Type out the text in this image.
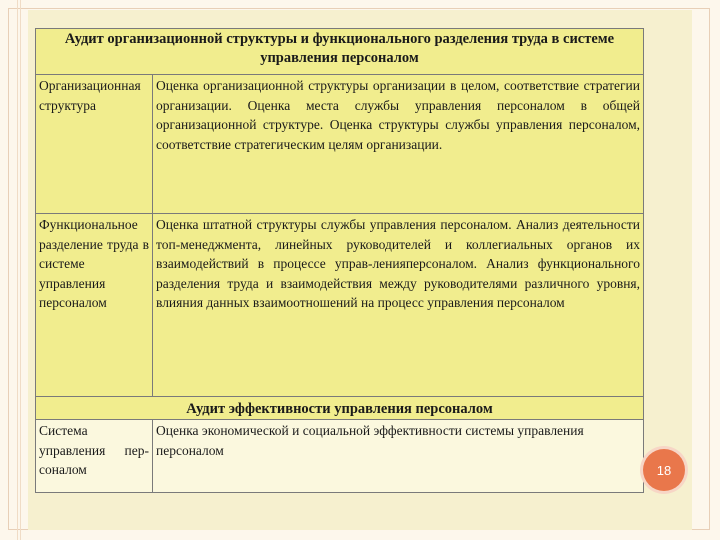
Аудит организационной структуры и функционального разделения труда в системе управления персоналом	
Организационная структура	Оценка организационной структуры организации в целом, соответствие стратегии организации. Оценка места службы управления персоналом в общей организационной структуре. Оценка структуры службы управления персоналом, соответствие стратегическим целям организации.
Функциональное разделение труда в системе управления персоналом	Оценка штатной структуры службы управления персоналом. Анализ деятельности топ-менеджмента, линейных руководителей и коллегиальных органов их взаимодействий в процессе управ-ленияперсоналом. Анализ функционального разделения труда и взаимодействия между руководителями различного уровня, влияния данных взаимоотношений на процесс управления персоналом
Аудит эффективности управления персоналом	
Система управления пер-соналом	Оценка экономической и социальной эффективности системы управления персоналом
18
